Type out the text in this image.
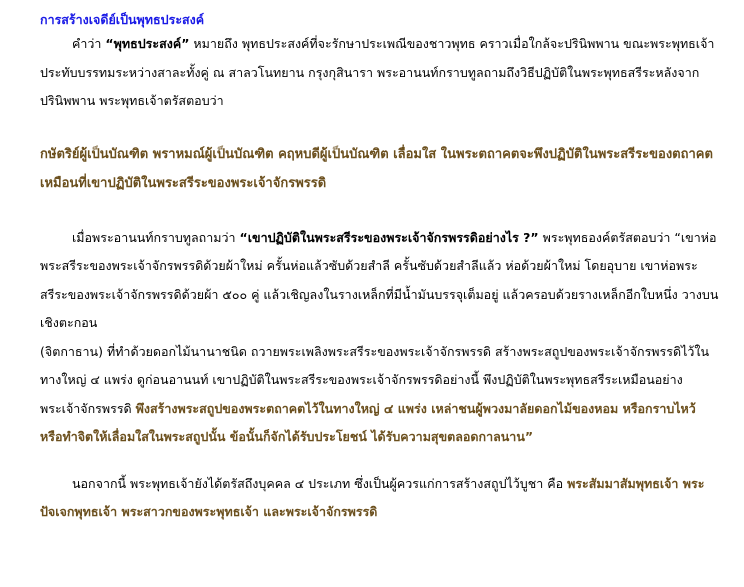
การสร้างเจดีย์เป็นพุทธประสงค์

คำว่า “พุทธประสงค์” หมายถึง พุทธประสงค์ที่จะรักษาประเพณีของชาวพุทธ คราวเมื่อใกล้จะปรินิพพาน ขณะพระพุทธเจ้าประทับบรรทมระหว่างสาละทั้งคู่ ณ สาลวโนทยาน กรุงกุสินารา พระอานนท์กราบทูลถามถึงวิธีปฏิบัติในพระพุทธสรีระหลังจากปรินิพพาน พระพุทธเจ้าตรัสตอบว่า

กษัตริย์ผู้เป็นบัณฑิต พราหมณ์ผู้เป็นบัณฑิต คฤหบดีผู้เป็นบัณฑิต เลื่อมใส ในพระตถาคตจะพึงปฏิบัติในพระสรีระของตถาคต เหมือนที่เขาปฏิบัติในพระสรีระของพระเจ้าจักรพรรดิ

เมื่อพระอานนท์กราบทูลถามว่า “เขาปฏิบัติในพระสรีระของพระเจ้าจักรพรรดิอย่างไร ?” พระพุทธองค์ตรัสตอบว่า “เขาห่อพระสรีระของพระเจ้าจักรพรรดิด้วยผ้าใหม่ ครั้นห่อแล้วซับด้วยสำลี ครั้นซับด้วยสำลีแล้ว ห่อด้วยผ้าใหม่ โดยอุบาย เขาห่อพระสรีระของพระเจ้าจักรพรรดิด้วยผ้า ๕๐๐ คู่ แล้วเชิญลงในรางเหล็กที่มีน้ำมันบรรจุเต็มอยู่ แล้วครอบด้วยรางเหล็กอีกใบหนึ่ง วางบนเชิงตะกอน

(จิตกาธาน) ที่ทำด้วยดอกไม้นานาชนิด ถวายพระเพลิงพระสรีระของพระเจ้าจักรพรรดิ สร้างพระสถูปของพระเจ้าจักรพรรดิไว้ในทางใหญ่ ๔ แพร่ง ดูก่อนอานนท์ เขาปฏิบัติในพระสรีระของพระเจ้าจักรพรรดิอย่างนี้ พึงปฏิบัติในพระพุทธสรีระเหมือนอย่างพระเจ้าจักรพรรดิ พึงสร้างพระสถูปของพระตถาคตไว้ในทางใหญ่ ๔ แพร่ง เหล่าชนผู้พวงมาลัยดอกไม้ของหอม หรือกราบไหว้ หรือทำจิตให้เลื่อมใสในพระสถูปนั้น ข้อนั้นก็จักได้รับประโยชน์ ได้รับความสุขตลอดกาลนาน”

นอกจากนี้ พระพุทธเจ้ายังได้ตรัสถึงบุคคล ๔ ประเภท ซึ่งเป็นผู้ควรแก่การสร้างสถูปไว้บูชา คือ พระสัมมาสัมพุทธเจ้า พระปัจเจกพุทธเจ้า พระสาวกของพระพุทธเจ้า และพระเจ้าจักรพรรดิ
